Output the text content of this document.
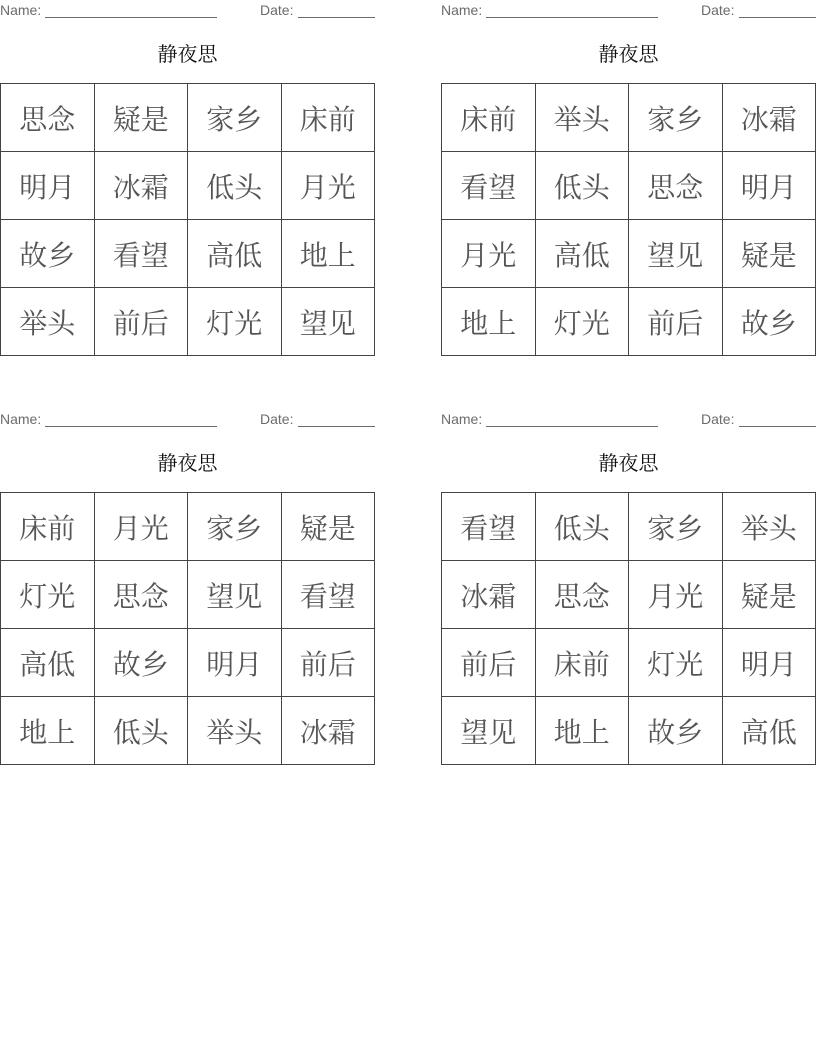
Name:	Date:
静夜思
思念	疑是	家乡	床前
明月	冰霜	低头	月光
故乡	看望	高低	地上
举头	前后	灯光	望见
Name:	Date:
静夜思
床前	举头	家乡	冰霜
看望	低头	思念	明月
月光	高低	望见	疑是
地上	灯光	前后	故乡
Name:	Date:
静夜思
床前	月光	家乡	疑是
灯光	思念	望见	看望
高低	故乡	明月	前后
地上	低头	举头	冰霜
Name:	Date:
静夜思
看望	低头	家乡	举头
冰霜	思念	月光	疑是
前后	床前	灯光	明月
望见	地上	故乡	高低
